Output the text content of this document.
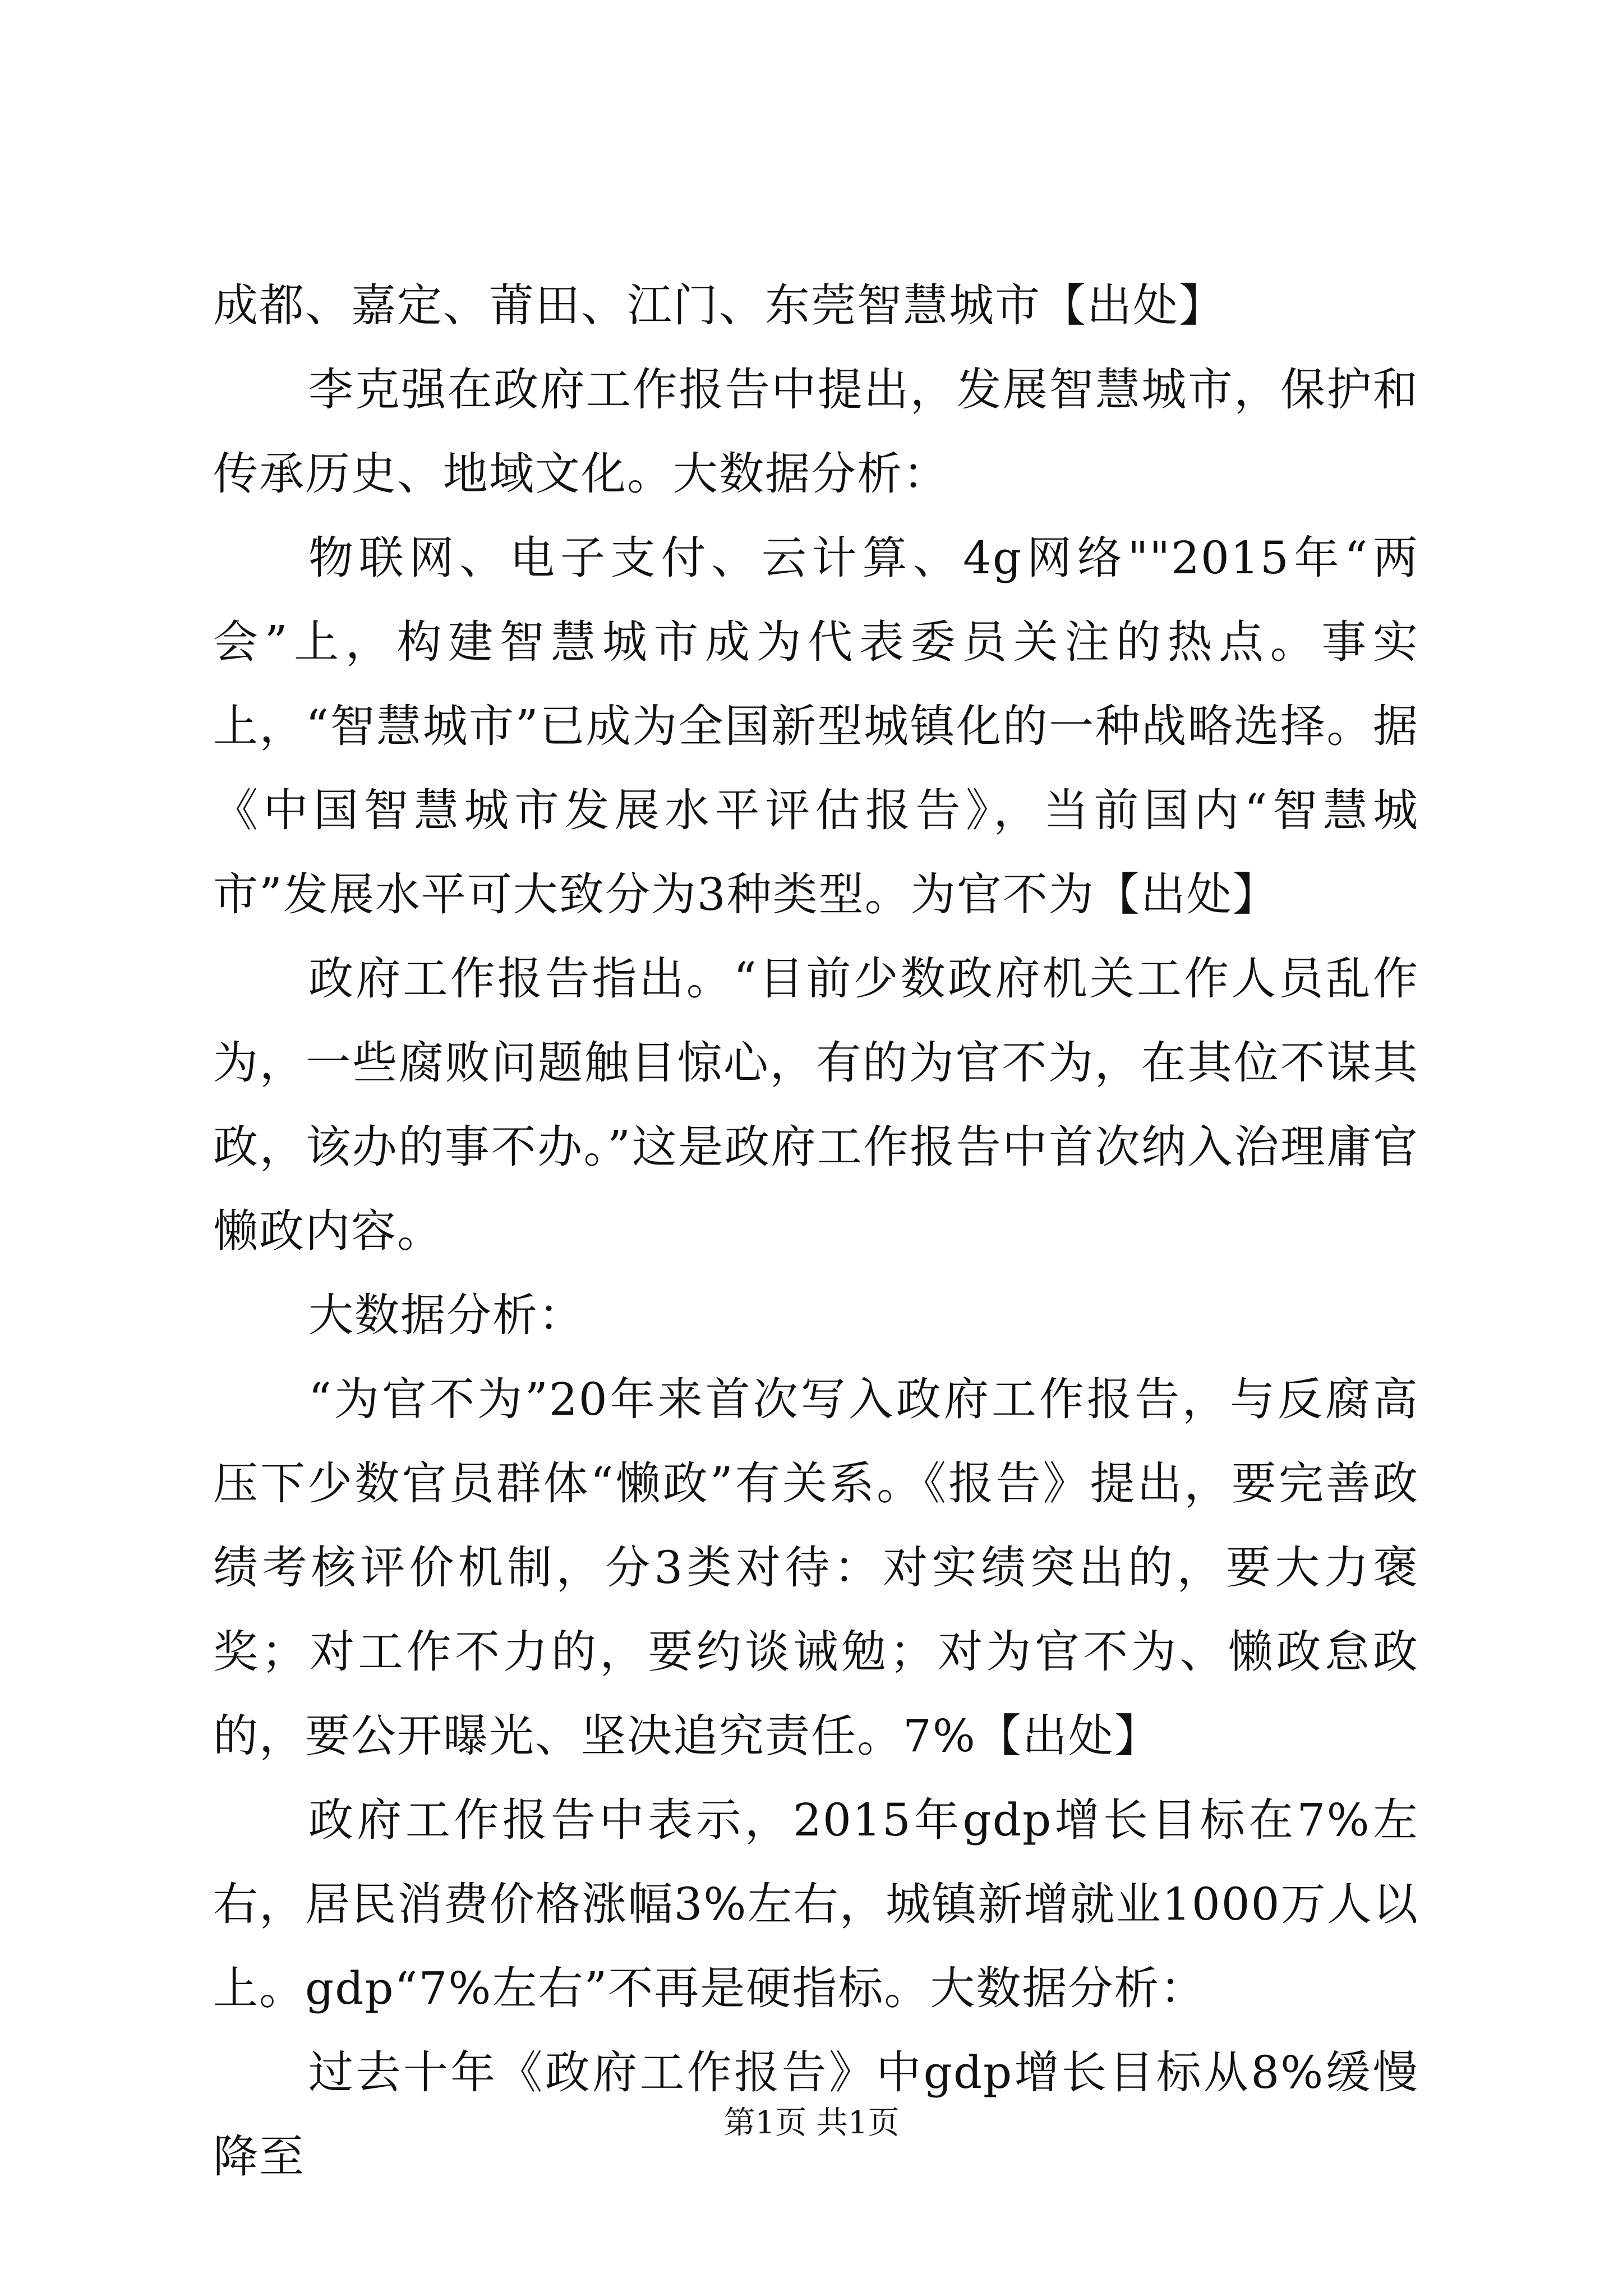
成都、嘉定、莆田、江门、东莞智慧城市【出处】

李克强在政府工作报告中提出，发展智慧城市，保护和传承历史、地域文化。大数据分析：

物联网、电子支付、云计算、4g网络""2015年“两会”上，构建智慧城市成为代表委员关注的热点。事实上，“智慧城市”已成为全国新型城镇化的一种战略选择。据《中国智慧城市发展水平评估报告》，当前国内“智慧城市”发展水平可大致分为3种类型。为官不为【出处】

政府工作报告指出。“目前少数政府机关工作人员乱作为，一些腐败问题触目惊心，有的为官不为，在其位不谋其政，该办的事不办。”这是政府工作报告中首次纳入治理庸官懒政内容。

大数据分析：

“为官不为”20年来首次写入政府工作报告，与反腐高压下少数官员群体“懒政”有关系。《报告》提出，要完善政绩考核评价机制，分3类对待：对实绩突出的，要大力褒奖；对工作不力的，要约谈诫勉；对为官不为、懒政怠政的，要公开曝光、坚决追究责任。7%【出处】

政府工作报告中表示，2015年gdp增长目标在7%左右，居民消费价格涨幅3%左右，城镇新增就业1000万人以上。gdp“7%左右”不再是硬指标。大数据分析：

过去十年《政府工作报告》中gdp增长目标从8%缓慢降至

第1页 共1页
